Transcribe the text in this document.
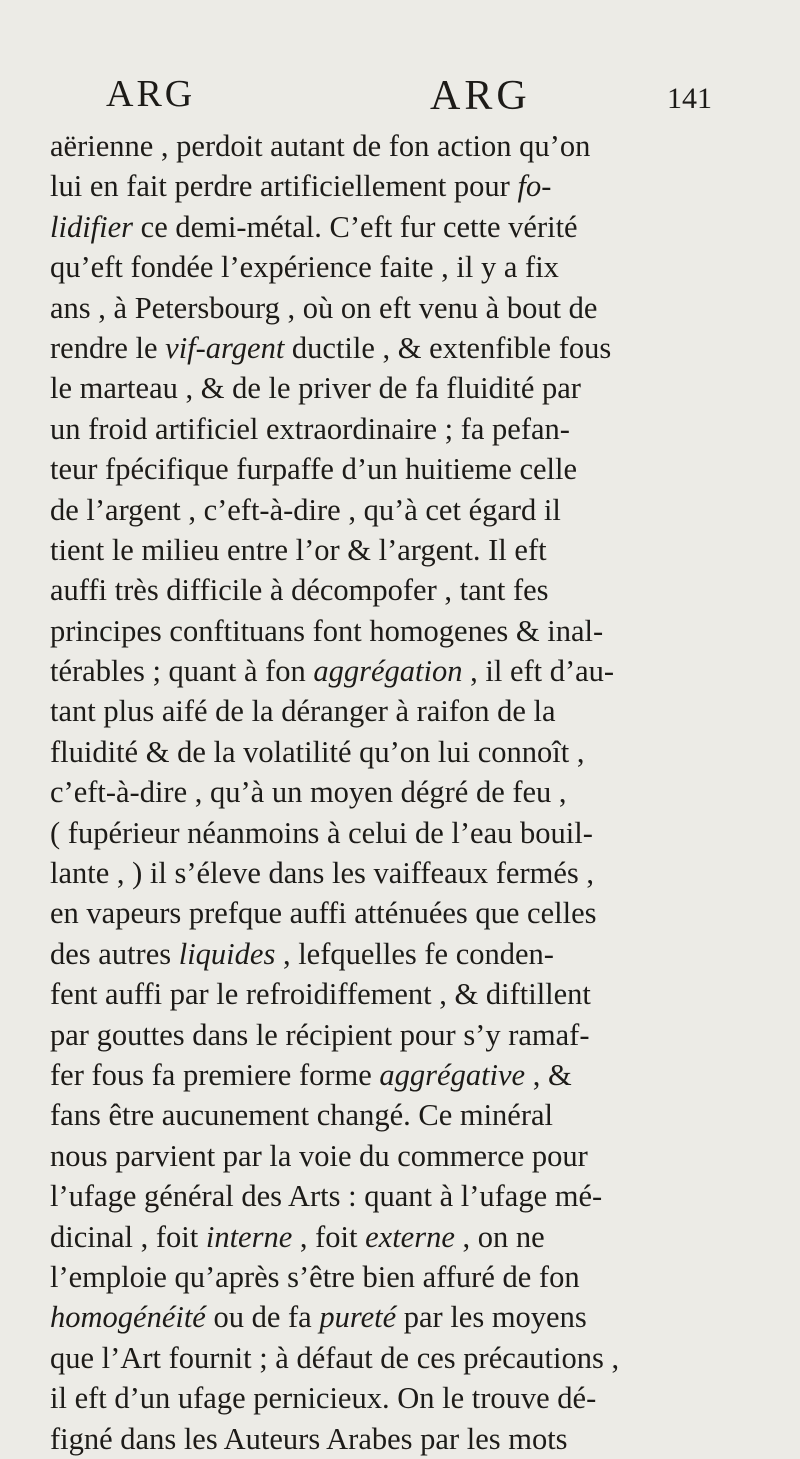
ARG	ARG	141
aërienne , perdoit autant de fon action qu’on
lui en fait perdre artificiellement pour fo-
lidifier ce demi-métal. C’eft fur cette vérité
qu’eft fondée l’expérience faite , il y a fix
ans , à Petersbourg , où on eft venu à bout de
rendre le vif-argent ductile , & extenfible fous
le marteau , & de le priver de fa fluidité par
un froid artificiel extraordinaire ; fa pefan-
teur fpécifique furpaffe d’un huitieme celle
de l’argent , c’eft-à-dire , qu’à cet égard il
tient le milieu entre l’or & l’argent. Il eft
auffi très difficile à décompofer , tant fes
principes conftituans font homogenes & inal-
térables ; quant à fon aggrégation , il eft d’au-
tant plus aifé de la déranger à raifon de la
fluidité & de la volatilité qu’on lui connoît ,
c’eft-à-dire , qu’à un moyen dégré de feu ,
( fupérieur néanmoins à celui de l’eau bouil-
lante , ) il s’éleve dans les vaiffeaux fermés ,
en vapeurs prefque auffi atténuées que celles
des autres liquides , lefquelles fe conden-
fent auffi par le refroidiffement , & diftillent
par gouttes dans le récipient pour s’y ramaf-
fer fous fa premiere forme aggrégative , &
fans être aucunement changé. Ce minéral
nous parvient par la voie du commerce pour
l’ufage général des Arts : quant à l’ufage mé-
dicinal , foit interne , foit externe , on ne
l’emploie qu’après s’être bien affuré de fon
homogénéité ou de fa pureté par les moyens
que l’Art fournit ; à défaut de ces précautions ,
il eft d’un ufage pernicieux. On le trouve dé-
figné dans les Auteurs Arabes par les mots
